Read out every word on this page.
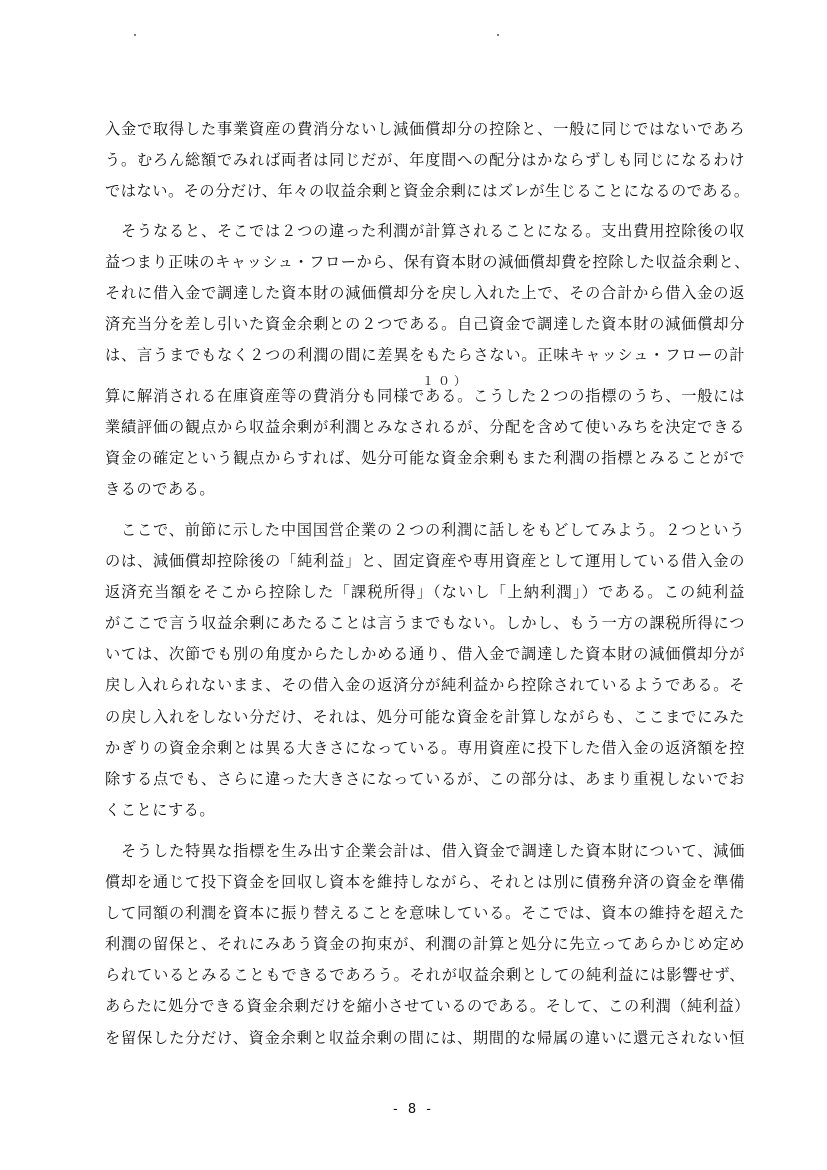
入金で取得した事業資産の費消分ないし減価償却分の控除と、一般に同じではないであろ
う。むろん総額でみれば両者は同じだが、年度間への配分はかならずしも同じになるわけ
ではない。その分だけ、年々の収益余剰と資金余剰にはズレが生じることになるのである。
そうなると、そこでは２つの違った利潤が計算されることになる。支出費用控除後の収
益つまり正味のキャッシュ・フローから、保有資本財の減価償却費を控除した収益余剰と、
それに借入金で調達した資本財の減価償却分を戻し入れた上で、その合計から借入金の返
済充当分を差し引いた資金余剰との２つである。自己資金で調達した資本財の減価償却分
は、言うまでもなく２つの利潤の間に差異をもたらさない。正味キャッシュ・フローの計
算に解消される在庫資産等の費消分も同様である。こうした２つの指標のうち、一般には
業績評価の観点から収益余剰が利潤とみなされるが、分配を含めて使いみちを決定できる
資金の確定という観点からすれば、処分可能な資金余剰もまた利潤の指標とみることがで
きるのである。
ここで、前節に示した中国国営企業の２つの利潤に話しをもどしてみよう。２つという
のは、減価償却控除後の「純利益」と、固定資産や専用資産として運用している借入金の
返済充当額をそこから控除した「課税所得」（ないし「上納利潤」）である。この純利益
がここで言う収益余剰にあたることは言うまでもない。しかし、もう一方の課税所得につ
いては、次節でも別の角度からたしかめる通り、借入金で調達した資本財の減価償却分が
戻し入れられないまま、その借入金の返済分が純利益から控除されているようである。そ
の戻し入れをしない分だけ、それは、処分可能な資金を計算しながらも、ここまでにみた
かぎりの資金余剰とは異る大きさになっている。専用資産に投下した借入金の返済額を控
除する点でも、さらに違った大きさになっているが、この部分は、あまり重視しないでお
くことにする。
そうした特異な指標を生み出す企業会計は、借入資金で調達した資本財について、減価
償却を通じて投下資金を回収し資本を維持しながら、それとは別に債務弁済の資金を準備
して同額の利潤を資本に振り替えることを意味している。そこでは、資本の維持を超えた
利潤の留保と、それにみあう資金の拘束が、利潤の計算と処分に先立ってあらかじめ定め
られているとみることもできるであろう。それが収益余剰としての純利益には影響せず、
あらたに処分できる資金余剰だけを縮小させているのである。そして、この利潤（純利益）
を留保した分だけ、資金余剰と収益余剰の間には、期間的な帰属の違いに還元されない恒
１０）
- 8 -
